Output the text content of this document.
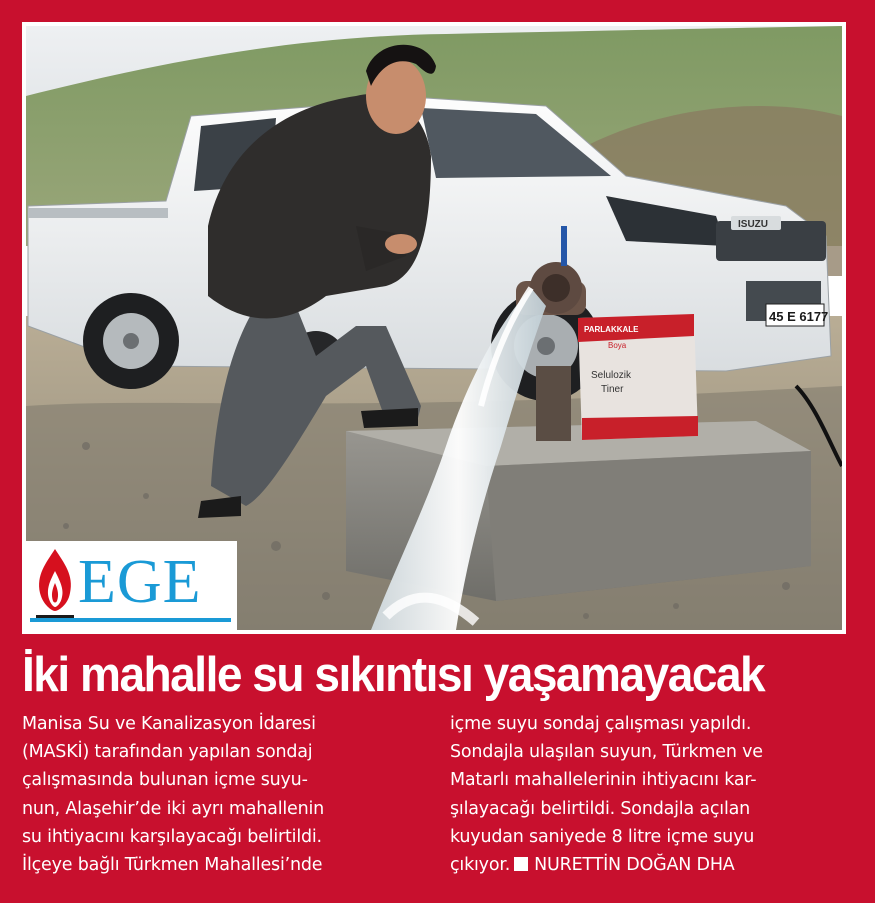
ISUZU
45 E 6177
PARLAKKALE
Boya
Selulozik
Tiner
EGE
İki mahalle su sıkıntısı yaşamayacak
Manisa Su ve Kanalizasyon İdaresi
(MASKİ) tarafından yapılan sondaj
çalışmasında bulunan içme suyu-
nun, Alaşehir’de iki ayrı mahallenin
su ihtiyacını karşılayacağı belirtildi.
İlçeye bağlı Türkmen Mahallesi’nde
içme suyu sondaj çalışması yapıldı.
Sondajla ulaşılan suyun, Türkmen ve
Matarlı mahallelerinin ihtiyacını kar-
şılayacağı belirtildi. Sondajla açılan
kuyudan saniyede 8 litre içme suyu
çıkıyor. NURETTİN DOĞAN DHA
